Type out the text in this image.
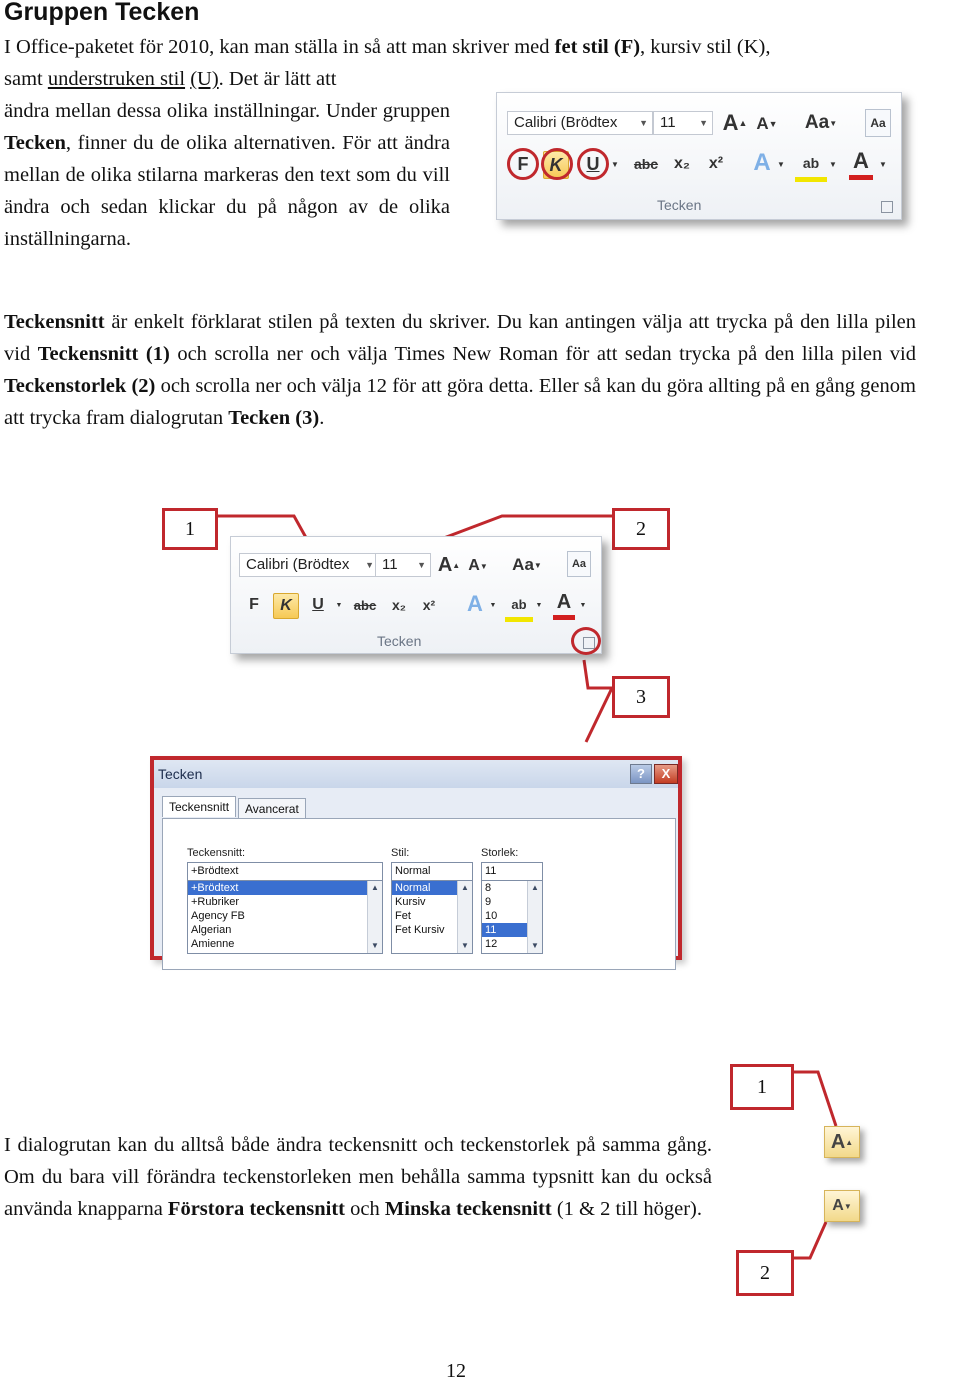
Gruppen Tecken
I Office-paketet för 2010, kan man ställa in så att man skriver med fet stil (F), kursiv stil (K),
samt understruken stil (U). Det är lätt att
ändra mellan dessa olika inställningar. Under gruppen Tecken, finner du de olika alternativen. För att ändra mellan de olika stilarna markeras den text som du vill ändra och sedan klickar du på någon av de olika inställningarna.
Calibri (Brödtex ▼ 11	▼ A ▲ A ▼ Aa ▼	Aa
F K U ▼ abc x₂ x² A ▼ ab ▼ A ▼
Tecken
Teckensnitt är enkelt förklarat stilen på texten du skriver. Du kan antingen välja att trycka på den lilla pilen vid Teckensnitt (1) och scrolla ner och välja Times New Roman för att sedan trycka på den lilla pilen vid Teckenstorlek (2) och scrolla ner och välja 12 för att göra detta. Eller så kan du göra allting på en gång genom att trycka fram dialogrutan Tecken (3).
1	2
3
Calibri (Brödtex ▼ 11 ▼ A ▲ A ▼ Aa ▼	Aa
F K U	▼ abc x₂ x² A ▼ ab	▼ A	▼
Tecken
Tecken	?	X
Teckensnitt	Avancerat
Teckensnitt:
+Brödtext
+Brödtext
+Rubriker
Agency FB
Algerian
Amienne
▲
▼
Stil:
Normal
Normal
Kursiv
Fet
Fet Kursiv
▲
▼
Storlek:
11
8
9
10
11
12
▲
▼
1
A ▲
A ▼
2
I dialogrutan kan du alltså både ändra teckensnitt och teckenstorlek på samma gång. Om du bara vill förändra teckenstorleken men behålla samma typsnitt kan du också använda knapparna Förstora teckensnitt och Minska teckensnitt (1 & 2 till höger).
12
